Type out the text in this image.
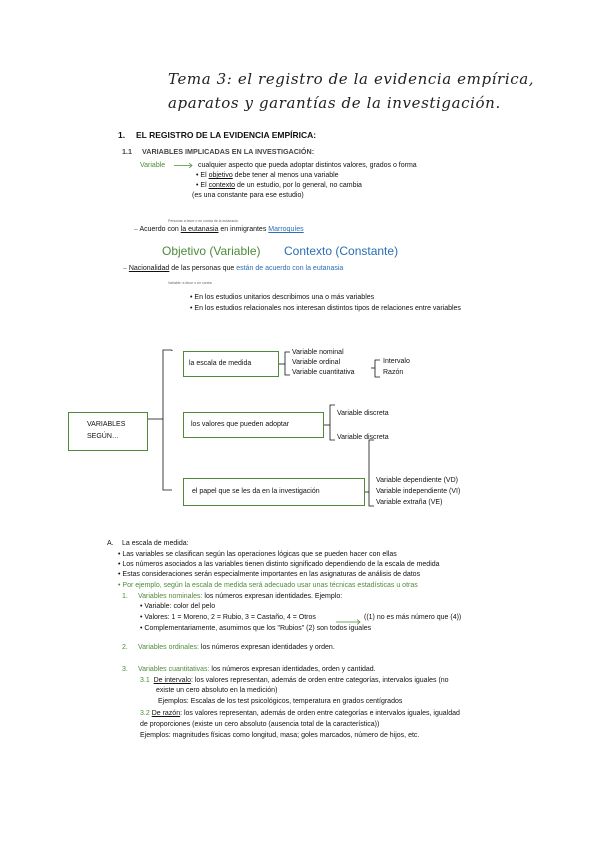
Tema 3: el registro de la evidencia empírica,
aparatos y garantías de la investigación.
1. EL REGISTRO DE LA EVIDENCIA EMPÍRICA:
1.1 VARIABLES IMPLICADAS EN LA INVESTIGACIÓN:
Variable	cualquier aspecto que pueda adoptar distintos valores, grados o forma
• El objetivo debe tener al menos una variable
• El contexto de un estudio, por lo general, no cambia
(es una constante para ese estudio)
Personas a favor o en contra de la eutanasia
– Acuerdo con la eutanasia en inmigrantes Marroquíes
Objetivo (Variable) Contexto (Constante)
– Nacionalidad de las personas que están de acuerdo con la eutanasia
Variable: a favor o en contra
• En los estudios unitarios describimos una o más variables
• En los estudios relacionales nos interesan distintos tipos de relaciones entre variables
VARIABLES
SEGÚN…
la escala de medida
los valores que pueden adoptar
el papel que se les da en la investigación
Variable nominal
Variable ordinal
Variable cuantitativa
Intervalo
Razón
Variable discreta
Variable discreta
Variable dependiente (VD)
Variable independiente (VI)
Variable extraña (VE)
A. La escala de medida:
• Las variables se clasifican según las operaciones lógicas que se pueden hacer con ellas
• Los números asociados a las variables tienen distinto significado dependiendo de la escala de medida
• Estas consideraciones serán especialmente importantes en las asignaturas de análisis de datos
• Por ejemplo, según la escala de medida será adecuado usar unas técnicas estadísticas u otras
1. Variables nominales: los números expresan identidades. Ejemplo:
• Variable: color del pelo
• Valores: 1 = Moreno, 2 = Rubio, 3 = Castaño, 4 = Otros	((1) no es más número que (4))
• Complementariamente, asumimos que los "Rubios" (2) son todos iguales
2. Variables ordinales: los números expresan identidades y orden.
3. Variables cuantitativas: los números expresan identidades, orden y cantidad.
3.1 De intervalo: los valores representan, además de orden entre categorías, intervalos iguales (no
existe un cero absoluto en la medición)
Ejemplos: Escalas de los test psicológicos, temperatura en grados centígrados
3.2 De razón: los valores representan, además de orden entre categorías e intervalos iguales, igualdad
de proporciones (existe un cero absoluto (ausencia total de la característica))
Ejemplos: magnitudes físicas como longitud, masa; goles marcados, número de hijos, etc.
